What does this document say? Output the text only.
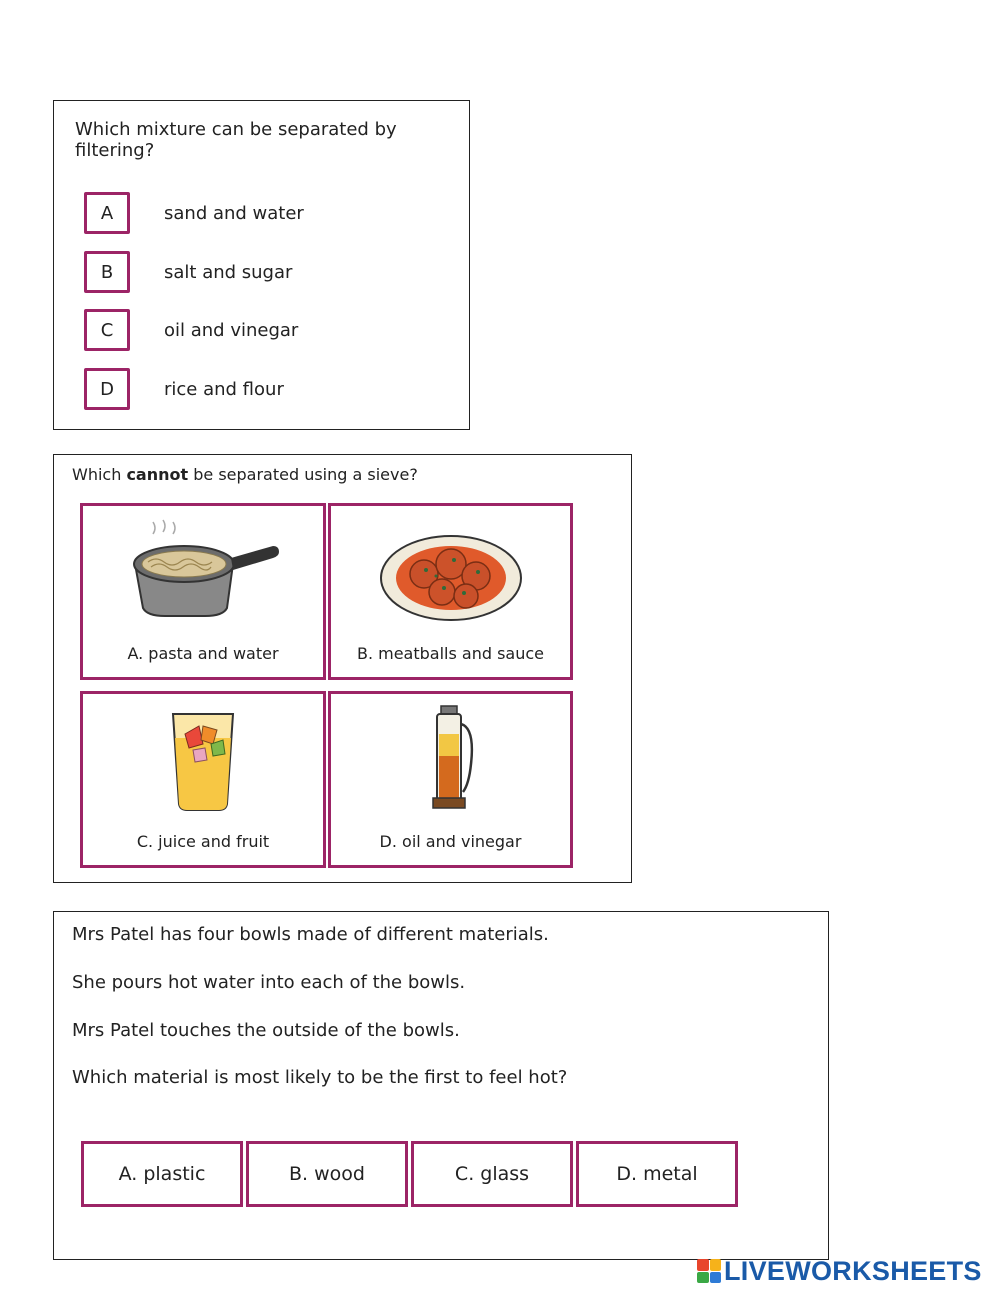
Which mixture can be separated by filtering?
A	sand and water
B	salt and sugar
C	oil and vinegar
D	rice and flour
Which cannot be separated using a sieve?
A. pasta and water	B. meatballs and sauce
C. juice and fruit	D. oil and vinegar
Mrs Patel has four bowls made of different materials.
She pours hot water into each of the bowls.
Mrs Patel touches the outside of the bowls.
Which material is most likely to be the first to feel hot?
A. plastic	B. wood	C. glass	D. metal
LIVEWORKSHEETS
